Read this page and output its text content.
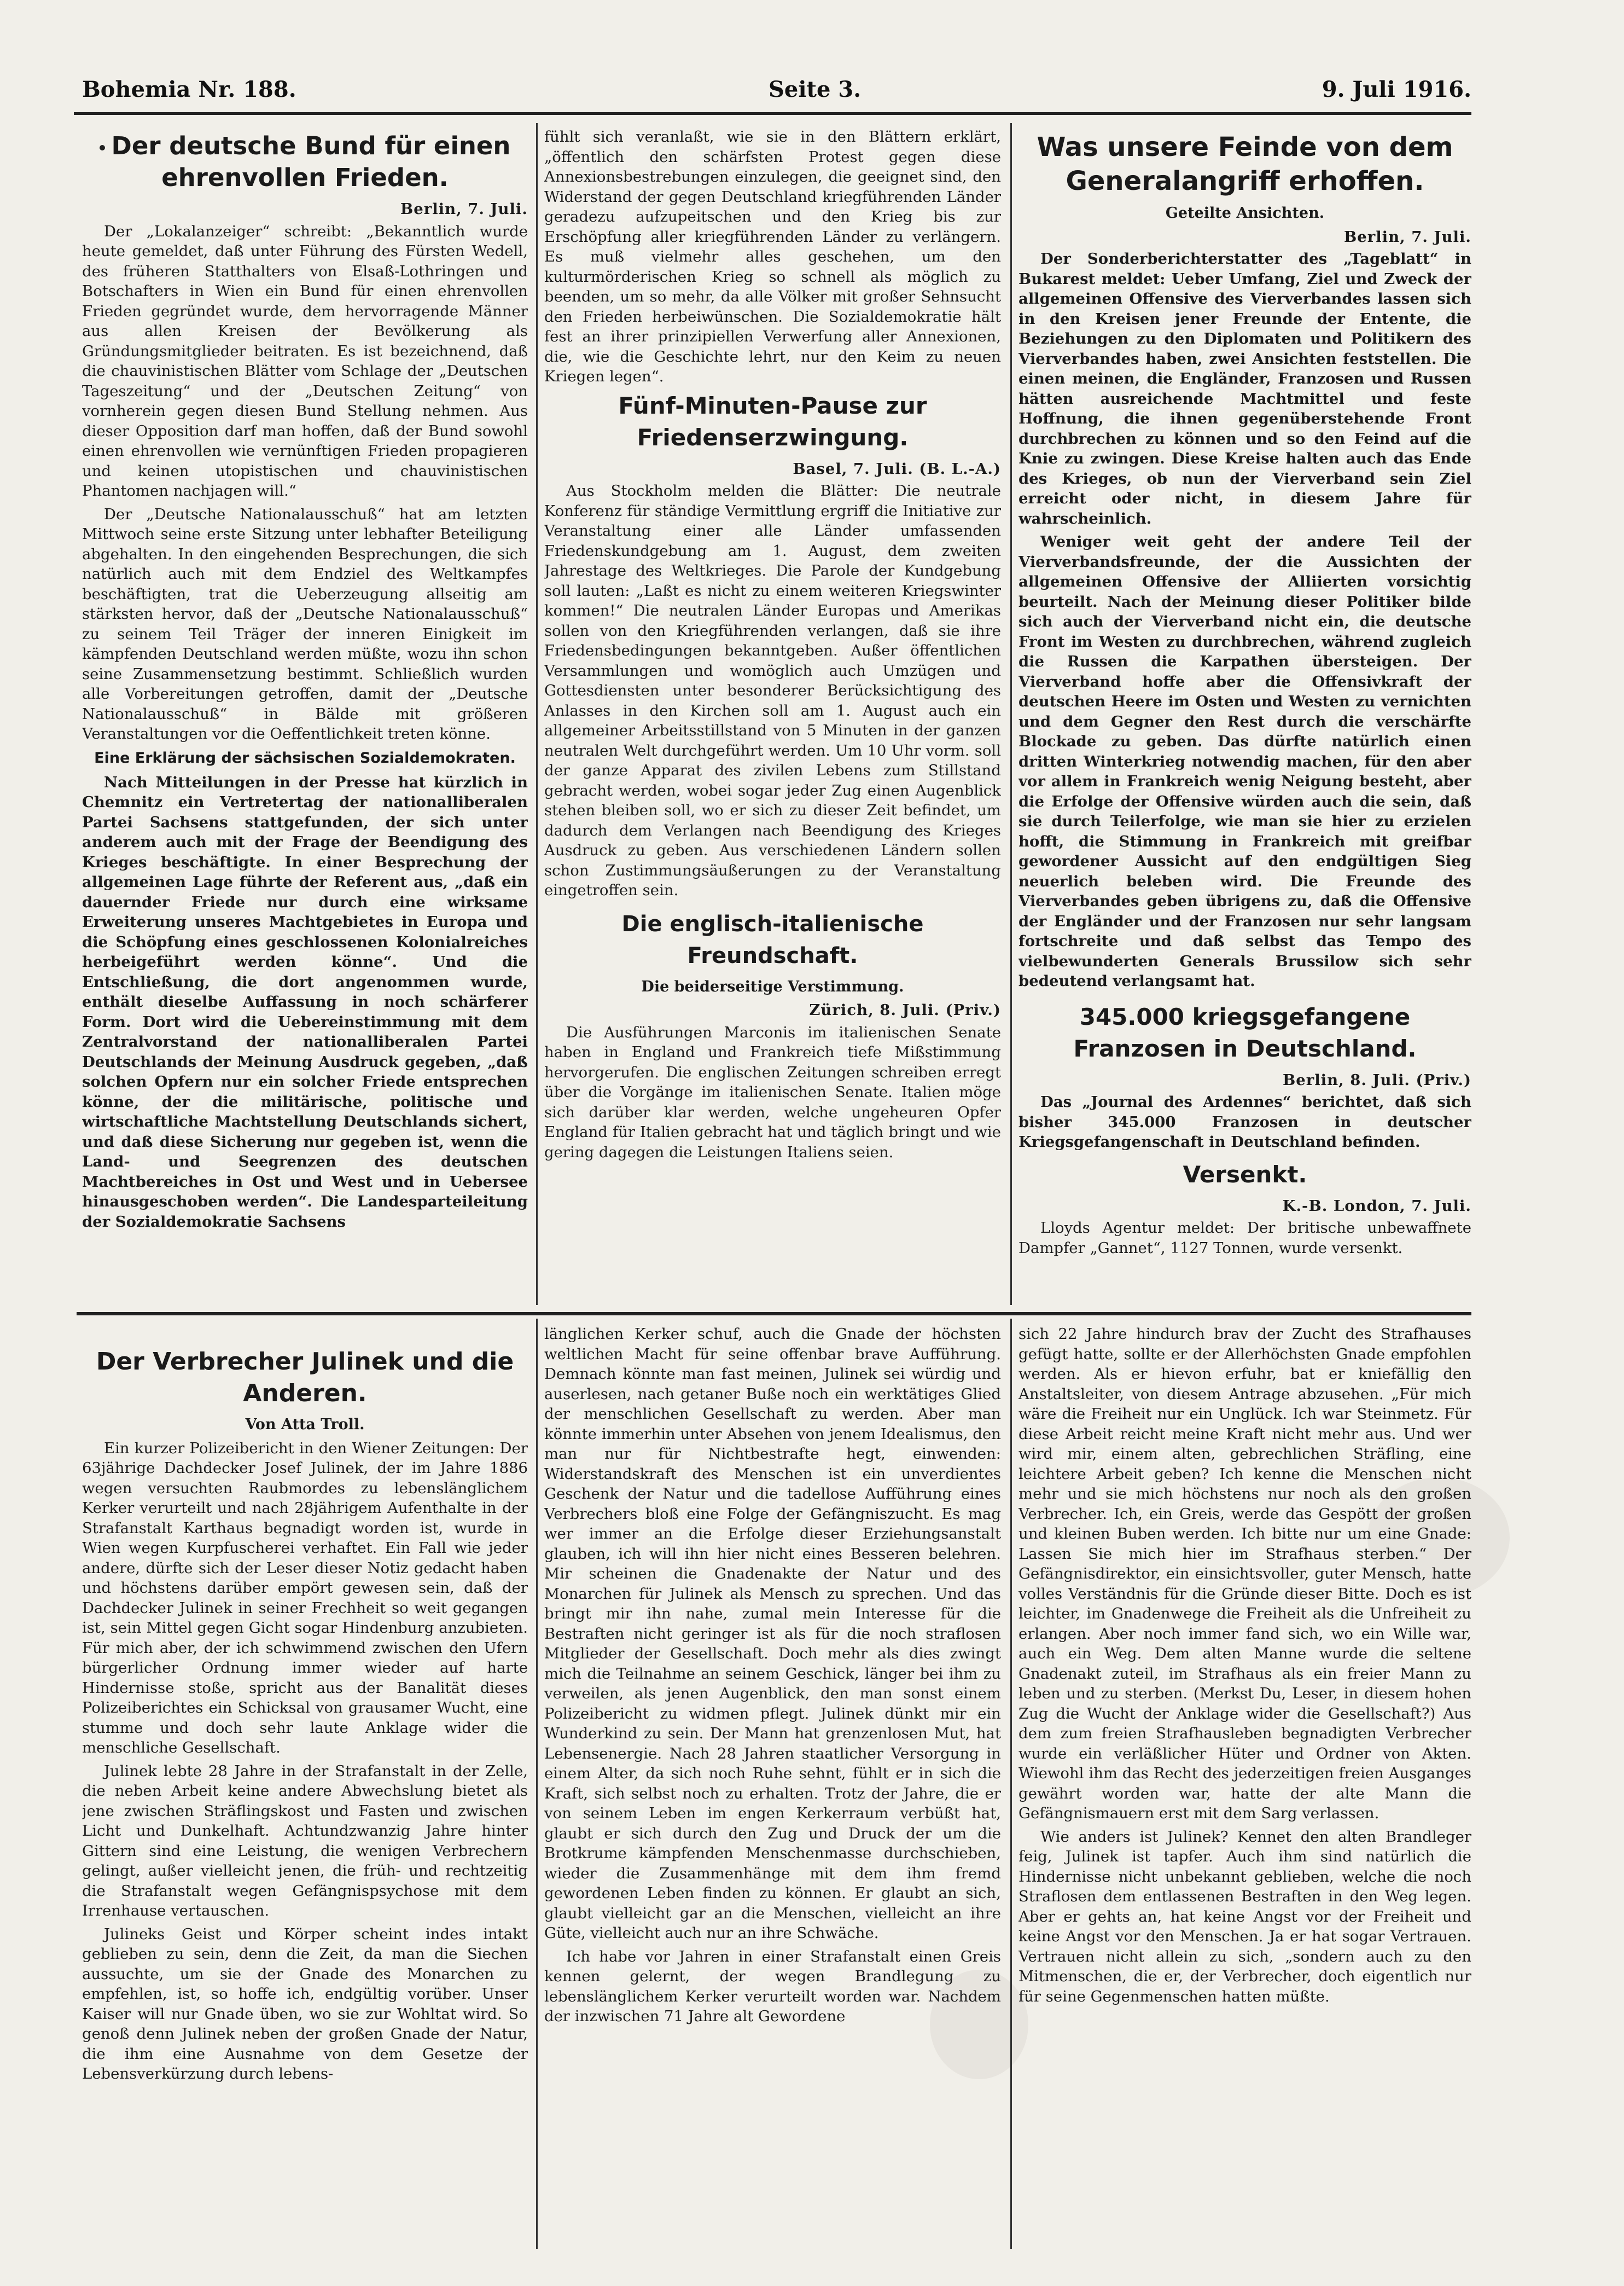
Bohemia Nr. 188.	Seite 3.	9. Juli 1916.
Der deutsche Bund für einen ehrenvollen Frieden.
Berlin, 7. Juli.

Der „Lokalanzeiger“ schreibt: „Bekanntlich wurde heute gemeldet, daß unter Führung des Fürsten Wedell, des früheren Statthalters von Elsaß-Lothringen und Botschafters in Wien ein Bund für einen ehrenvollen Frieden gegründet wurde, dem hervorragende Männer aus allen Kreisen der Bevölkerung als Gründungsmitglieder beitraten. Es ist bezeichnend, daß die chauvinistischen Blätter vom Schlage der „Deutschen Tageszeitung“ und der „Deutschen Zeitung“ von vornherein gegen diesen Bund Stellung nehmen. Aus dieser Opposition darf man hoffen, daß der Bund sowohl einen ehrenvollen wie vernünftigen Frieden propagieren und keinen utopistischen und chauvinistischen Phantomen nachjagen will.“

Der „Deutsche Nationalausschuß“ hat am letzten Mittwoch seine erste Sitzung unter lebhafter Beteiligung abgehalten. In den eingehenden Besprechungen, die sich natürlich auch mit dem Endziel des Weltkampfes beschäftigten, trat die Ueberzeugung allseitig am stärksten hervor, daß der „Deutsche Nationalausschuß“ zu seinem Teil Träger der inneren Einigkeit im kämpfenden Deutschland werden müßte, wozu ihn schon seine Zusammensetzung bestimmt. Schließlich wurden alle Vorbereitungen getroffen, damit der „Deutsche Nationalausschuß“ in Bälde mit größeren Veranstaltungen vor die Oeffentlichkeit treten könne.

Eine Erklärung der sächsischen Sozialdemokraten.

Nach Mitteilungen in der Presse hat kürzlich in Chemnitz ein Vertretertag der nationalliberalen Partei Sachsens stattgefunden, der sich unter anderem auch mit der Frage der Beendigung des Krieges beschäftigte. In einer Besprechung der allgemeinen Lage führte der Referent aus, „daß ein dauernder Friede nur durch eine wirksame Erweiterung unseres Machtgebietes in Europa und die Schöpfung eines geschlossenen Kolonialreiches herbeigeführt werden könne“. Und die Entschließung, die dort angenommen wurde, enthält dieselbe Auffassung in noch schärferer Form. Dort wird die Uebereinstimmung mit dem Zentralvorstand der nationalliberalen Partei Deutschlands der Meinung Ausdruck gegeben, „daß solchen Opfern nur ein solcher Friede entsprechen könne, der die militärische, politische und wirtschaftliche Machtstellung Deutschlands sichert, und daß diese Sicherung nur gegeben ist, wenn die Land- und Seegrenzen des deutschen Machtbereiches in Ost und West und in Uebersee hinausgeschoben werden“. Die Landesparteileitung der Sozialdemokratie Sachsens

fühlt sich veranlaßt, wie sie in den Blättern erklärt, „öffentlich den schärfsten Protest gegen diese Annexionsbestrebungen einzulegen, die geeignet sind, den Widerstand der gegen Deutschland kriegführenden Länder geradezu aufzupeitschen und den Krieg bis zur Erschöpfung aller kriegführenden Länder zu verlängern. Es muß vielmehr alles geschehen, um den kulturmörderischen Krieg so schnell als möglich zu beenden, um so mehr, da alle Völker mit großer Sehnsucht den Frieden herbeiwünschen. Die Sozialdemokratie hält fest an ihrer prinzipiellen Verwerfung aller Annexionen, die, wie die Geschichte lehrt, nur den Keim zu neuen Kriegen legen“.

Fünf-Minuten-Pause zur Friedenserzwingung.
Basel, 7. Juli. (B. L.-A.)

Aus Stockholm melden die Blätter: Die neutrale Konferenz für ständige Vermittlung ergriff die Initiative zur Veranstaltung einer alle Länder umfassenden Friedenskundgebung am 1. August, dem zweiten Jahrestage des Weltkrieges. Die Parole der Kundgebung soll lauten: „Laßt es nicht zu einem weiteren Kriegswinter kommen!“ Die neutralen Länder Europas und Amerikas sollen von den Kriegführenden verlangen, daß sie ihre Friedensbedingungen bekanntgeben. Außer öffentlichen Versammlungen und womöglich auch Umzügen und Gottesdiensten unter besonderer Berücksichtigung des Anlasses in den Kirchen soll am 1. August auch ein allgemeiner Arbeitsstillstand von 5 Minuten in der ganzen neutralen Welt durchgeführt werden. Um 10 Uhr vorm. soll der ganze Apparat des zivilen Lebens zum Stillstand gebracht werden, wobei sogar jeder Zug einen Augenblick stehen bleiben soll, wo er sich zu dieser Zeit befindet, um dadurch dem Verlangen nach Beendigung des Krieges Ausdruck zu geben. Aus verschiedenen Ländern sollen schon Zustimmungsäußerungen zu der Veranstaltung eingetroffen sein.

Die englisch-italienische Freundschaft.
Die beiderseitige Verstimmung.
Zürich, 8. Juli. (Priv.)

Die Ausführungen Marconis im italienischen Senate haben in England und Frankreich tiefe Mißstimmung hervorgerufen. Die englischen Zeitungen schreiben erregt über die Vorgänge im italienischen Senate. Italien möge sich darüber klar werden, welche ungeheuren Opfer England für Italien gebracht hat und täglich bringt und wie gering dagegen die Leistungen Italiens seien.

Was unsere Feinde von dem Generalangriff erhoffen.
Geteilte Ansichten.
Berlin, 7. Juli.

Der Sonderberichterstatter des „Tageblatt“ in Bukarest meldet: Ueber Umfang, Ziel und Zweck der allgemeinen Offensive des Vierverbandes lassen sich in den Kreisen jener Freunde der Entente, die Beziehungen zu den Diplomaten und Politikern des Vierverbandes haben, zwei Ansichten feststellen. Die einen meinen, die Engländer, Franzosen und Russen hätten ausreichende Machtmittel und feste Hoffnung, die ihnen gegenüberstehende Front durchbrechen zu können und so den Feind auf die Knie zu zwingen. Diese Kreise halten auch das Ende des Krieges, ob nun der Vierverband sein Ziel erreicht oder nicht, in diesem Jahre für wahrscheinlich.

Weniger weit geht der andere Teil der Vierverbandsfreunde, der die Aussichten der allgemeinen Offensive der Alliierten vorsichtig beurteilt. Nach der Meinung dieser Politiker bilde sich auch der Vierverband nicht ein, die deutsche Front im Westen zu durchbrechen, während zugleich die Russen die Karpathen übersteigen. Der Vierverband hoffe aber die Offensivkraft der deutschen Heere im Osten und Westen zu vernichten und dem Gegner den Rest durch die verschärfte Blockade zu geben. Das dürfte natürlich einen dritten Winterkrieg notwendig machen, für den aber vor allem in Frankreich wenig Neigung besteht, aber die Erfolge der Offensive würden auch die sein, daß sie durch Teilerfolge, wie man sie hier zu erzielen hofft, die Stimmung in Frankreich mit greifbar gewordener Aussicht auf den endgültigen Sieg neuerlich beleben wird. Die Freunde des Vierverbandes geben übrigens zu, daß die Offensive der Engländer und der Franzosen nur sehr langsam fortschreite und daß selbst das Tempo des vielbewunderten Generals Brussilow sich sehr bedeutend verlangsamt hat.

345.000 kriegsgefangene Franzosen in Deutschland.
Berlin, 8. Juli. (Priv.)

Das „Journal des Ardennes“ berichtet, daß sich bisher 345.000 Franzosen in deutscher Kriegsgefangenschaft in Deutschland befinden.

Versenkt.
K.-B. London, 7. Juli.

Lloyds Agentur meldet: Der britische unbewaffnete Dampfer „Gannet“, 1127 Tonnen, wurde versenkt.

Der Verbrecher Julinek und die Anderen.
Von Atta Troll.

Ein kurzer Polizeibericht in den Wiener Zeitungen: Der 63jährige Dachdecker Josef Julinek, der im Jahre 1886 wegen versuchten Raubmordes zu lebenslänglichem Kerker verurteilt und nach 28jährigem Aufenthalte in der Strafanstalt Karthaus begnadigt worden ist, wurde in Wien wegen Kurpfuscherei verhaftet. Ein Fall wie jeder andere, dürfte sich der Leser dieser Notiz gedacht haben und höchstens darüber empört gewesen sein, daß der Dachdecker Julinek in seiner Frechheit so weit gegangen ist, sein Mittel gegen Gicht sogar Hindenburg anzubieten. Für mich aber, der ich schwimmend zwischen den Ufern bürgerlicher Ordnung immer wieder auf harte Hindernisse stoße, spricht aus der Banalität dieses Polizeiberichtes ein Schicksal von grausamer Wucht, eine stumme und doch sehr laute Anklage wider die menschliche Gesellschaft.

Julinek lebte 28 Jahre in der Strafanstalt in der Zelle, die neben Arbeit keine andere Abwechslung bietet als jene zwischen Sträflingskost und Fasten und zwischen Licht und Dunkelhaft. Achtundzwanzig Jahre hinter Gittern sind eine Leistung, die wenigen Verbrechern gelingt, außer vielleicht jenen, die früh- und rechtzeitig die Strafanstalt wegen Gefängnispsychose mit dem Irrenhause vertauschen.

Julineks Geist und Körper scheint indes intakt geblieben zu sein, denn die Zeit, da man die Siechen aussuchte, um sie der Gnade des Monarchen zu empfehlen, ist, so hoffe ich, endgültig vorüber. Unser Kaiser will nur Gnade üben, wo sie zur Wohltat wird. So genoß denn Julinek neben der großen Gnade der Natur, die ihm eine Ausnahme von dem Gesetze der Lebensverkürzung durch lebens-

länglichen Kerker schuf, auch die Gnade der höchsten weltlichen Macht für seine offenbar brave Aufführung. Demnach könnte man fast meinen, Julinek sei würdig und auserlesen, nach getaner Buße noch ein werktätiges Glied der menschlichen Gesellschaft zu werden. Aber man könnte immerhin unter Absehen von jenem Idealismus, den man nur für Nichtbestrafte hegt, einwenden: Widerstandskraft des Menschen ist ein unverdientes Geschenk der Natur und die tadellose Aufführung eines Verbrechers bloß eine Folge der Gefängniszucht. Es mag wer immer an die Erfolge dieser Erziehungsanstalt glauben, ich will ihn hier nicht eines Besseren belehren. Mir scheinen die Gnadenakte der Natur und des Monarchen für Julinek als Mensch zu sprechen. Und das bringt mir ihn nahe, zumal mein Interesse für die Bestraften nicht geringer ist als für die noch straflosen Mitglieder der Gesellschaft. Doch mehr als dies zwingt mich die Teilnahme an seinem Geschick, länger bei ihm zu verweilen, als jenen Augenblick, den man sonst einem Polizeibericht zu widmen pflegt. Julinek dünkt mir ein Wunderkind zu sein. Der Mann hat grenzenlosen Mut, hat Lebensenergie. Nach 28 Jahren staatlicher Versorgung in einem Alter, da sich noch Ruhe sehnt, fühlt er in sich die Kraft, sich selbst noch zu erhalten. Trotz der Jahre, die er von seinem Leben im engen Kerkerraum verbüßt hat, glaubt er sich durch den Zug und Druck der um die Brotkrume kämpfenden Menschenmasse durchschieben, wieder die Zusammenhänge mit dem ihm fremd gewordenen Leben finden zu können. Er glaubt an sich, glaubt vielleicht gar an die Menschen, vielleicht an ihre Güte, vielleicht auch nur an ihre Schwäche.

Ich habe vor Jahren in einer Strafanstalt einen Greis kennen gelernt, der wegen Brandlegung zu lebenslänglichem Kerker verurteilt worden war. Nachdem der inzwischen 71 Jahre alt Gewordene

sich 22 Jahre hindurch brav der Zucht des Strafhauses gefügt hatte, sollte er der Allerhöchsten Gnade empfohlen werden. Als er hievon erfuhr, bat er kniefällig den Anstaltsleiter, von diesem Antrage abzusehen. „Für mich wäre die Freiheit nur ein Unglück. Ich war Steinmetz. Für diese Arbeit reicht meine Kraft nicht mehr aus. Und wer wird mir, einem alten, gebrechlichen Sträfling, eine leichtere Arbeit geben? Ich kenne die Menschen nicht mehr und sie mich höchstens nur noch als den großen Verbrecher. Ich, ein Greis, werde das Gespött der großen und kleinen Buben werden. Ich bitte nur um eine Gnade: Lassen Sie mich hier im Strafhaus sterben.“ Der Gefängnisdirektor, ein einsichtsvoller, guter Mensch, hatte volles Verständnis für die Gründe dieser Bitte. Doch es ist leichter, im Gnadenwege die Freiheit als die Unfreiheit zu erlangen. Aber noch immer fand sich, wo ein Wille war, auch ein Weg. Dem alten Manne wurde die seltene Gnadenakt zuteil, im Strafhaus als ein freier Mann zu leben und zu sterben. (Merkst Du, Leser, in diesem hohen Zug die Wucht der Anklage wider die Gesellschaft?) Aus dem zum freien Strafhausleben begnadigten Verbrecher wurde ein verläßlicher Hüter und Ordner von Akten. Wiewohl ihm das Recht des jederzeitigen freien Ausganges gewährt worden war, hatte der alte Mann die Gefängnismauern erst mit dem Sarg verlassen.

Wie anders ist Julinek? Kennet den alten Brandleger feig, Julinek ist tapfer. Auch ihm sind natürlich die Hindernisse nicht unbekannt geblieben, welche die noch Straflosen dem entlassenen Bestraften in den Weg legen. Aber er gehts an, hat keine Angst vor der Freiheit und keine Angst vor den Menschen. Ja er hat sogar Vertrauen. Vertrauen nicht allein zu sich, „sondern auch zu den Mitmenschen, die er, der Verbrecher, doch eigentlich nur für seine Gegenmenschen hatten müßte.
